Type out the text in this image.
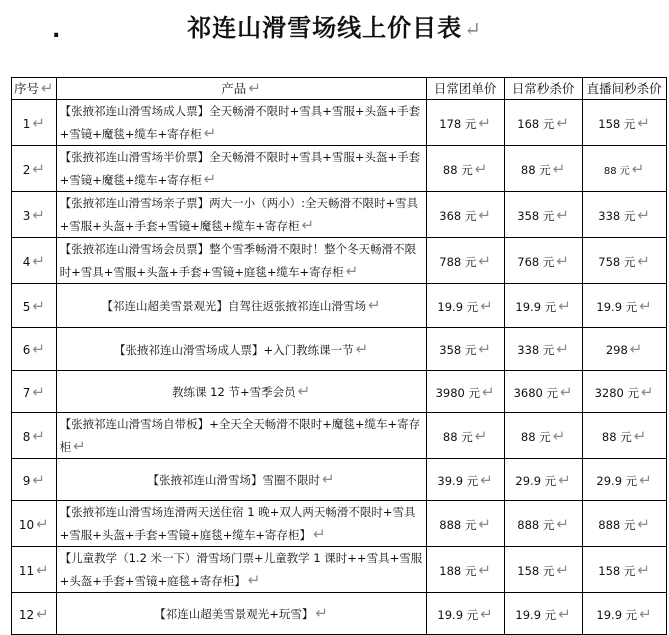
.	祁连山滑雪场线上价目表 ↵
序号 ↵	产品 ↵	日常团单价	日常秒杀价	直播间秒杀价
1 ↵	【张掖祁连山滑雪场成人票】全天畅滑不限时+雪具+雪服+头盔+手套+雪镜+魔毯+缆车+寄存柜 ↵	178 元 ↵	168 元 ↵	158 元 ↵
2 ↵	【张掖祁连山滑雪场半价票】全天畅滑不限时+雪具+雪服+头盔+手套+雪镜+魔毯+缆车+寄存柜 ↵	88 元 ↵	88 元 ↵	88 元 ↵
3 ↵	【张掖祁连山滑雪场亲子票】两大一小（两小）:全天畅滑不限时+雪具+雪服+头盔+手套+雪镜+魔毯+缆车+寄存柜 ↵	368 元 ↵	358 元 ↵	338 元 ↵
4 ↵	【张掖祁连山滑雪场会员票】整个雪季畅滑不限时！整个冬天畅滑不限时+雪具+雪服+头盔+手套+雪镜+庭毯+缆车+寄存柜 ↵	788 元 ↵	768 元 ↵	758 元 ↵
5 ↵	【祁连山超美雪景观光】自驾往返张掖祁连山滑雪场 ↵	19.9 元 ↵	19.9 元 ↵	19.9 元 ↵
6 ↵	【张掖祁连山滑雪场成人票】+入门教练课一节 ↵	358 元 ↵	338 元 ↵	298 ↵
7 ↵	教练课 12 节+雪季会员 ↵	3980 元 ↵	3680 元 ↵	3280 元 ↵
8 ↵	【张掖祁连山滑雪场自带板】+全天全天畅滑不限时+魔毯+缆车+寄存柜 ↵	88 元 ↵	88 元 ↵	88 元 ↵
9 ↵	【张掖祁连山滑雪场】雪圈不限时 ↵	39.9 元 ↵	29.9 元 ↵	29.9 元 ↵
10 ↵	【张掖祁连山滑雪场连滑两天送住宿 1 晚+双人两天畅滑不限时+雪具+雪服+头盔+手套+雪镜+庭毯+缆车+寄存柜】 ↵	888 元 ↵	888 元 ↵	888 元 ↵
11 ↵	【儿童教学（1.2 米一下）滑雪场门票+儿童教学 1 课时++雪具+雪服+头盔+手套+雪镜+庭毯+寄存柜】 ↵	188 元 ↵	158 元 ↵	158 元 ↵
12 ↵	【祁连山超美雪景观光+玩雪】 ↵	19.9 元 ↵	19.9 元 ↵	19.9 元 ↵
